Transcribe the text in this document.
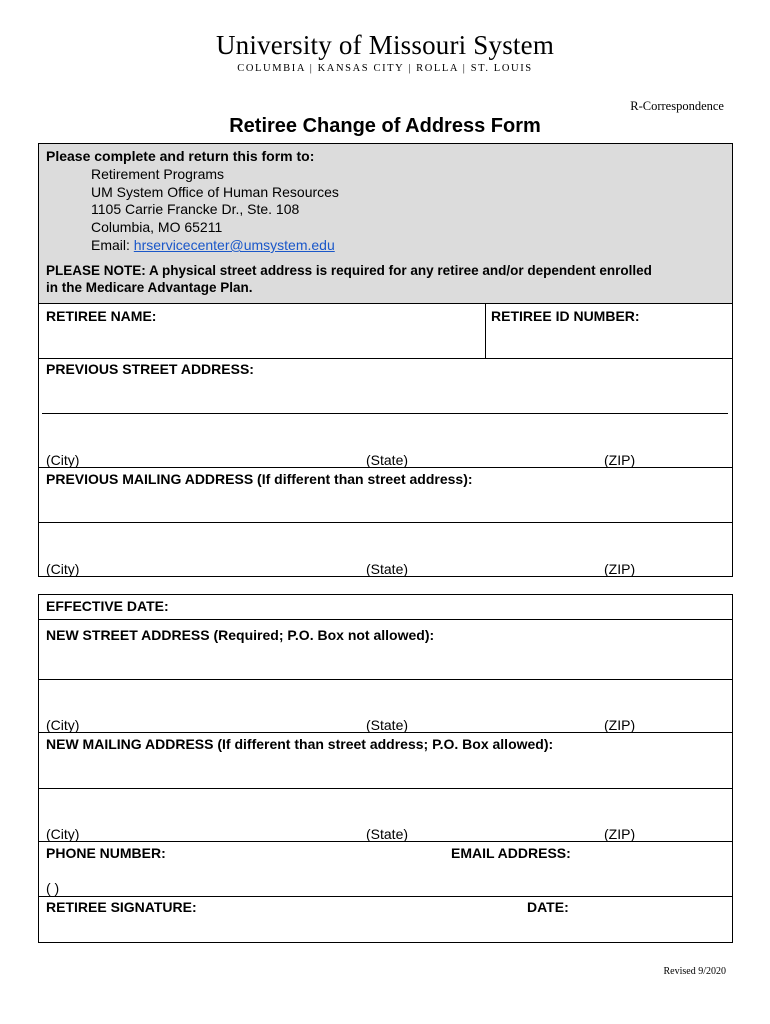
University of Missouri System
COLUMBIA | KANSAS CITY | ROLLA | ST. LOUIS
R-Correspondence
Retiree Change of Address Form
Please complete and return this form to:
Retirement Programs
UM System Office of Human Resources
1105 Carrie Francke Dr., Ste. 108
Columbia, MO 65211
Email: hrservicecenter@umsystem.edu
PLEASE NOTE: A physical street address is required for any retiree and/or dependent enrolled
in the Medicare Advantage Plan.
RETIREE NAME:	RETIREE ID NUMBER:
PREVIOUS STREET ADDRESS:
(City)	(State)	(ZIP)
PREVIOUS MAILING ADDRESS (If different than street address):
(City)	(State)	(ZIP)
EFFECTIVE DATE:
NEW STREET ADDRESS (Required; P.O. Box not allowed):
(City)	(State)	(ZIP)
NEW MAILING ADDRESS (If different than street address; P.O. Box allowed):
(City)	(State)	(ZIP)
PHONE NUMBER:	EMAIL ADDRESS:
( )
RETIREE SIGNATURE:	DATE:
Revised 9/2020
